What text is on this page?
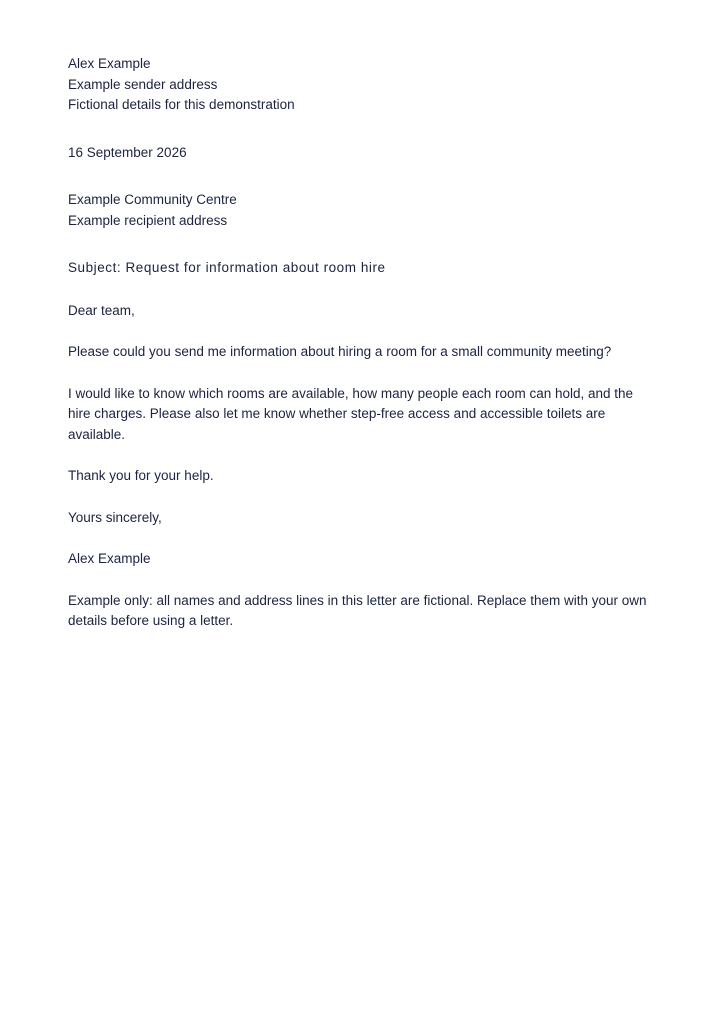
Alex Example

Example sender address

Fictional details for this demonstration

16 September 2026

Example Community Centre

Example recipient address

Subject: Request for information about room hire

Dear team,

Please could you send me information about hiring a room for a small community meeting?

I would like to know which rooms are available, how many people each room can hold, and the hire charges. Please also let me know whether step-free access and accessible toilets are available.

Thank you for your help.

Yours sincerely,

Alex Example

Example only: all names and address lines in this letter are fictional. Replace them with your own details before using a letter.
